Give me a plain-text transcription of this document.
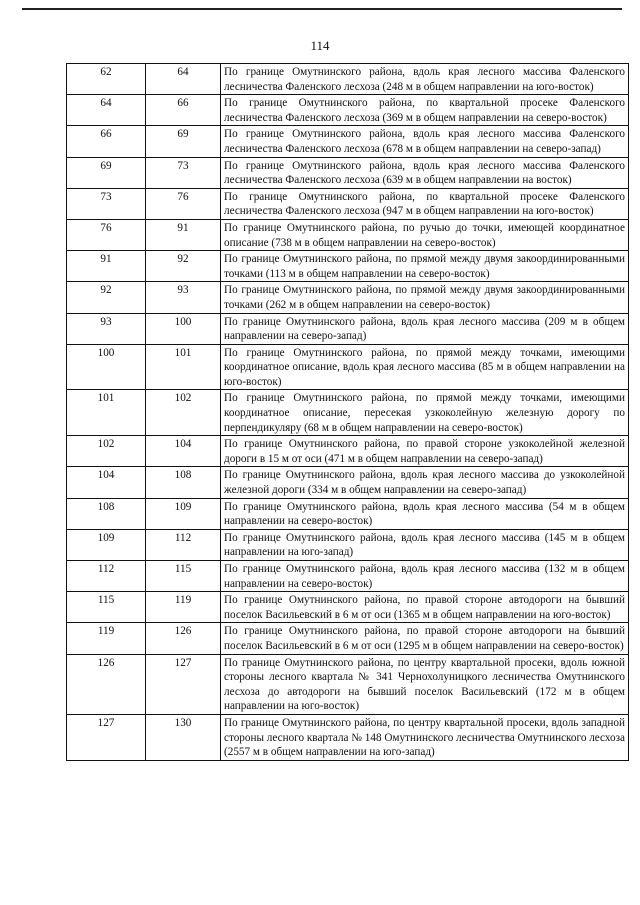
114
62	64	По границе Омутнинского района, вдоль края лесного массива Фаленского лесничества Фаленского лесхоза (248 м в общем направлении на юго-восток)
64	66	По границе Омутнинского района, по квартальной просеке Фаленского лесничества Фаленского лесхоза (369 м в общем направлении на северо-восток)
66	69	По границе Омутнинского района, вдоль края лесного массива Фаленского лесничества Фаленского лесхоза (678 м в общем направлении на северо-запад)
69	73	По границе Омутнинского района, вдоль края лесного массива Фаленского лесничества Фаленского лесхоза (639 м в общем направлении на восток)
73	76	По границе Омутнинского района, по квартальной просеке Фаленского лесничества Фаленского лесхоза (947 м в общем направлении на юго-восток)
76	91	По границе Омутнинского района, по ручью до точки, имеющей координатное описание (738 м в общем направлении на северо-восток)
91	92	По границе Омутнинского района, по прямой между двумя закоординированными точками (113 м в общем направлении на северо-восток)
92	93	По границе Омутнинского района, по прямой между двумя закоординированными точками (262 м в общем направлении на северо-восток)
93	100	По границе Омутнинского района, вдоль края лесного массива (209 м в общем направлении на северо-запад)
100	101	По границе Омутнинского района, по прямой между точками, имеющими координатное описание, вдоль края лесного массива (85 м в общем направлении на юго-восток)
101	102	По границе Омутнинского района, по прямой между точками, имеющими координатное описание, пересекая узкоколейную железную дорогу по перпендикуляру (68 м в общем направлении на северо-восток)
102	104	По границе Омутнинского района, по правой стороне узкоколейной железной дороги в 15 м от оси (471 м в общем направлении на северо-запад)
104	108	По границе Омутнинского района, вдоль края лесного массива до узкоколейной железной дороги (334 м в общем направлении на северо-запад)
108	109	По границе Омутнинского района, вдоль края лесного массива (54 м в общем направлении на северо-восток)
109	112	По границе Омутнинского района, вдоль края лесного массива (145 м в общем направлении на юго-запад)
112	115	По границе Омутнинского района, вдоль края лесного массива (132 м в общем направлении на северо-восток)
115	119	По границе Омутнинского района, по правой стороне автодороги на бывший поселок Васильевский в 6 м от оси (1365 м в общем направлении на юго-восток)
119	126	По границе Омутнинского района, по правой стороне автодороги на бывший поселок Васильевский в 6 м от оси (1295 м в общем направлении на северо-восток)
126	127	По границе Омутнинского района, по центру квартальной просеки, вдоль южной стороны лесного квартала № 341 Чернохолуницкого лесничества Омутнинского лесхоза до автодороги на бывший поселок Васильевский (172 м в общем направлении на юго-восток)
127	130	По границе Омутнинского района, по центру квартальной просеки, вдоль западной стороны лесного квартала № 148 Омутнинского лесничества Омутнинского лесхоза (2557 м в общем направлении на юго-запад)
